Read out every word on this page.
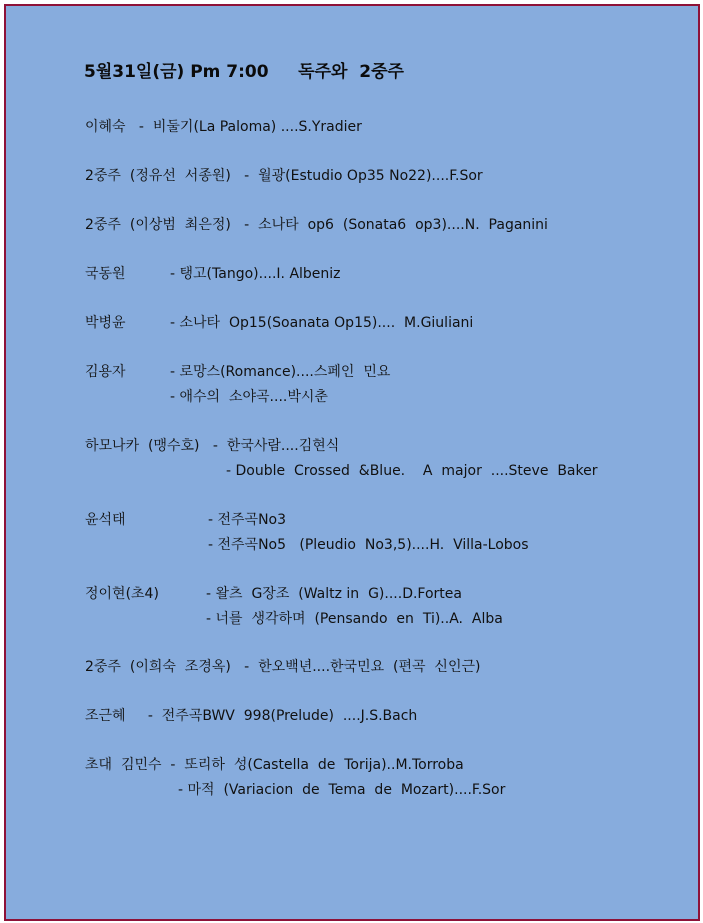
5월31일(금) Pm 7:00     독주와  2중주
이혜숙   -  비둘기(La Paloma) ....S.Yradier
2중주  (정유선  서종원)   -  월광(Estudio Op35 No22)....F.Sor
2중주  (이상범  최은정)   -  소나타  op6  (Sonata6  op3)....N.  Paganini
국동원	- 탱고(Tango)....I. Albeniz
박병윤	- 소나타  Op15(Soanata Op15)....  M.Giuliani
김용자	- 로망스(Romance)....스페인  민요
- 애수의  소야곡....박시춘
하모나카  (맹수호)   -  한국사람....김현식
- Double  Crossed  &Blue.    A  major  ....Steve  Baker
윤석태	- 전주곡No3
- 전주곡No5   (Pleudio  No3,5)....H.  Villa-Lobos
정이현(초4)	- 왈츠  G장조  (Waltz in  G)....D.Fortea
- 너를  생각하며  (Pensando  en  Ti)..A.  Alba
2중주  (이희숙  조경옥)   -  한오백년....한국민요  (편곡  신인근)
조근혜     -  전주곡BWV  998(Prelude)  ....J.S.Bach
초대  김민수  -  또리하  성(Castella  de  Torija)..M.Torroba
- 마적  (Variacion  de  Tema  de  Mozart)....F.Sor
